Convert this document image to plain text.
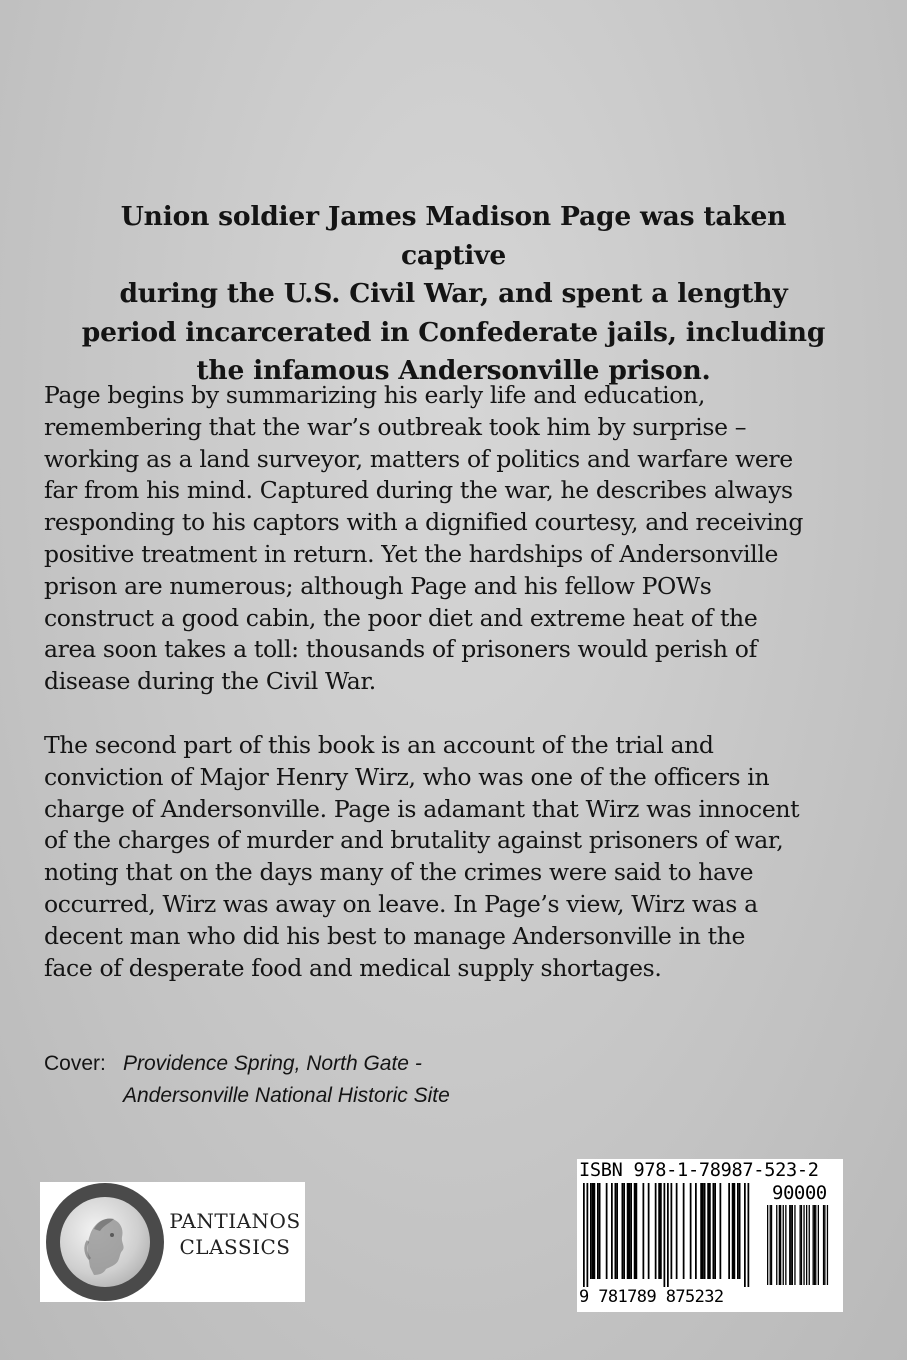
Union soldier James Madison Page was taken captive
during the U.S. Civil War, and spent a lengthy
period incarcerated in Confederate jails, including
the infamous Andersonville prison.
Page begins by summarizing his early life and education,
remembering that the war’s outbreak took him by surprise –
working as a land surveyor, matters of politics and warfare were
far from his mind. Captured during the war, he describes always
responding to his captors with a dignified courtesy, and receiving
positive treatment in return. Yet the hardships of Andersonville
prison are numerous; although Page and his fellow POWs
construct a good cabin, the poor diet and extreme heat of the
area soon takes a toll: thousands of prisoners would perish of
disease during the Civil War.
The second part of this book is an account of the trial and
conviction of Major Henry Wirz, who was one of the officers in
charge of Andersonville. Page is adamant that Wirz was innocent
of the charges of murder and brutality against prisoners of war,
noting that on the days many of the crimes were said to have
occurred, Wirz was away on leave. In Page’s view, Wirz was a
decent man who did his best to manage Andersonville in the
face of desperate food and medical supply shortages.
Cover: Providence Spring, North Gate -
Andersonville National Historic Site
PANTIANOS
CLASSICS
ISBN 978-1-78987-523-2
90000
9 781789 875232
